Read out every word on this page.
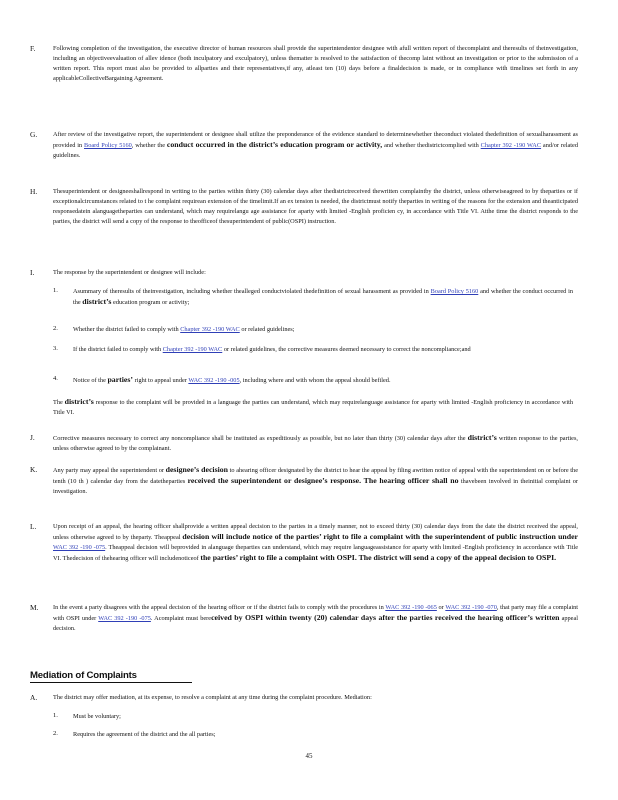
F.	Following completion of the investigation, the executive director of human resources shall provide the superintendentor designee with afull written report of thecomplaint and theresults of theinvestigation, including an objectiveevaluation of allev idence (both inculpatory and exculpatory), unless thematter is resolved to the satisfaction of thecomp laint without an investigation or prior to the submission of a written report. This report must also be provided to allparties and their representatives,if any, atleast ten (10) days before a finaldecision is made, or in compliance with timelines set forth in any applicableCollectiveBargaining Agreement.
G.	After review of the investigative report, the superintendent or designee shall utilize the preponderance of the evidence standard to determinewhether theconduct violated thedefinition of sexualharassment as provided in Board Policy 5160, whether the conduct occurred in the district’s education program or activity, and whether thedistrictcomplied with Chapter 392 -190 WAC and/or related guidelines.
H.	Thesuperintendent or designeeshallrespond in writing to the parties within thirty (30) calendar days after thedistrictreceived thewritten complaintby the district, unless otherwiseagreed to by theparties or if exceptionalcircumstances related to t he complaint requirean extension of the timelimit.If an ex tension is needed, the districtmust notify theparties in writing of the reasons for the extension and theanticipated responsedatein alanguagetheparties can understand, which may requirelangu age assistance for aparty with limited -English proficien cy, in accordance with Title VI. Atthe time the district responds to the parties, the district will send a copy of the response to theofficeof thesuperintendent of public(OSPI) instruction.
I.	The response by the superintendent or designee will include:
1. Asummary of theresults of theinvestigation, including whether thealleged conductviolated thedefinition of sexual harassment as provided in Board Policy 5160 and whether the conduct occurred in the district’s education program or activity;
2. Whether the district failed to comply with Chapter 392 -190 WAC or related guidelines;
3. If the district failed to comply with Chapter 392 -190 WAC or related guidelines, the corrective measures deemed necessary to correct the noncompliance;and
4. Notice of the parties’ right to appeal under WAC 392 -190 -005, including where and with whom the appeal should befiled.
The district’s response to the complaint will be provided in a language the parties can understand, which may requirelanguage assistance for aparty with limited -English proficiency in accordance with Title VI.
J.	Corrective measures necessary to correct any noncompliance shall be instituted as expeditiously as possible, but no later than thirty (30) calendar days after the district’s written response to the parties, unless otherwise agreed to by the complainant.
K.	Any party may appeal the superintendent or designee’s decision to ahearing officer designated by the district to hear the appeal by filing awritten notice of appeal with the superintendent on or before the tenth (10 th ) calendar day from the datetheparties received the superintendent or designee’s response. The hearing officer shall no thavebeen involved in theinitial complaint or investigation.
L.	Upon receipt of an appeal, the hearing officer shallprovide a written appeal decision to the parties in a timely manner, not to exceed thirty (30) calendar days from the date the district received the appeal, unless otherwise agreed to by theparty. Theappeal decision will include notice of the parties’ right to file a complaint with the superintendent of public instruction under WAC 392 -190 -075. Theappeal decision will beprovided in alanguage theparties can understand, which may require languageassistance for aparty with limited -English proficiency in accordance with Title VI. Thedecision of thehearing officer will includenoticeof the parties’ right to file a complaint with OSPI. The district will send a copy of the appeal decision to OSPI.
M. In the event a party disagrees with the appeal decision of the hearing officer or if the district fails to comply with the procedures in WAC 392 -190 -065 or WAC 392 -190 -070, that party may file a complaint with OSPI under WAC 392 -190 -075. Acomplaint must bereceived by OSPI within twenty (20) calendar days after the parties received the hearing officer’s written appeal decision.
Mediation of Complaints
A.	The district may offer mediation, at its expense, to resolve a complaint at any time during the complaint procedure. Mediation:
1. Must be voluntary;
2. Requires the agreement of the district and the all parties;
45
